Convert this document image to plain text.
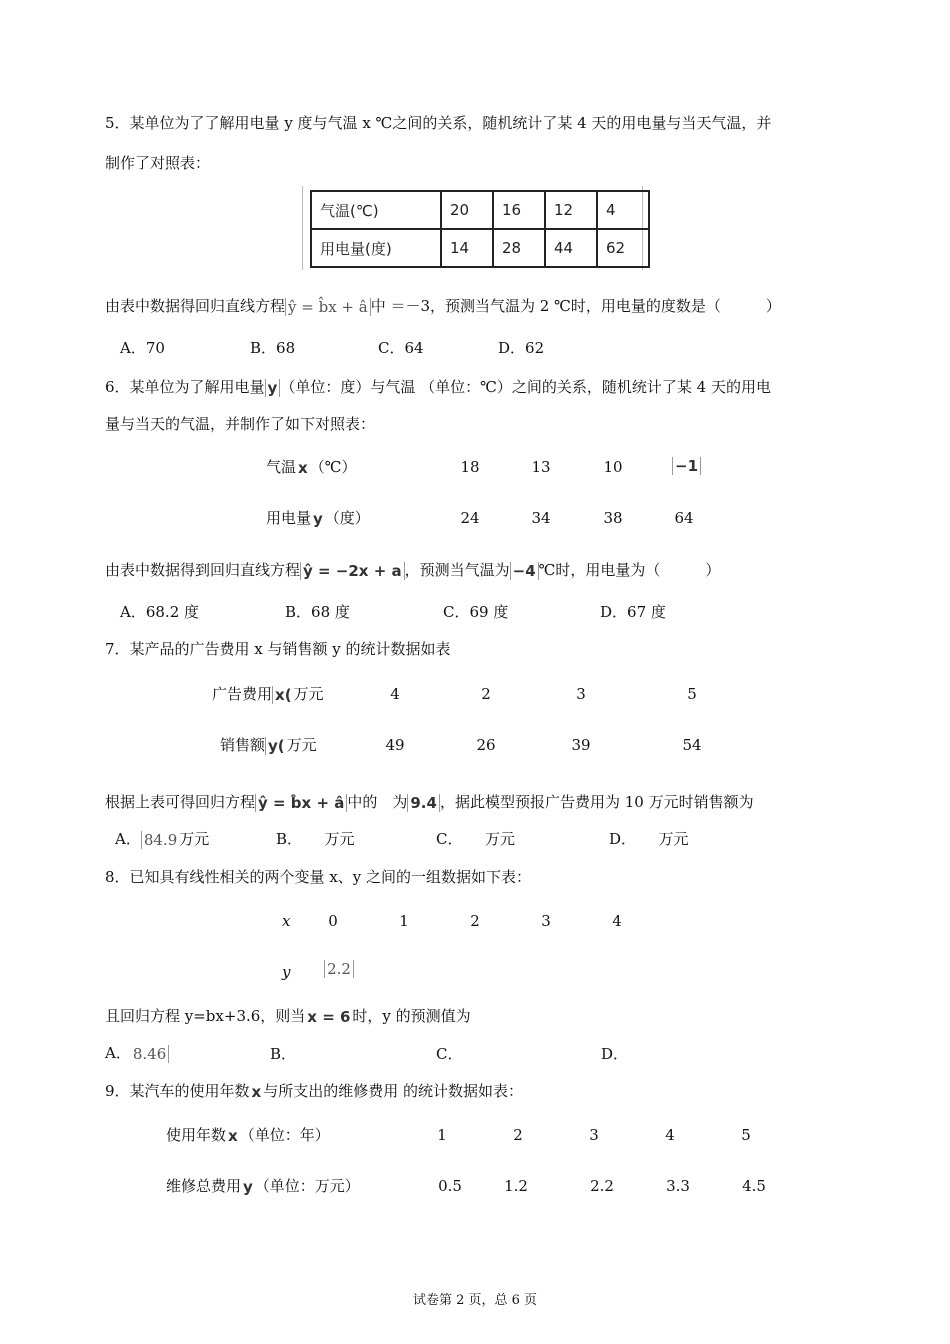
5．某单位为了了解用电量 y 度与气温 x ℃之间的关系，随机统计了某 4 天的用电量与当天气温，并
制作了对照表：
气温(℃)	20	16	12	4
用电量(度)	14	28	44	62
由表中数据得回归直线方程 ŷ = b̂x + â 中 ＝－3，预测当气温为 2 ℃时，用电量的度数是（　　　）
A．70	B．68	C．64	D．62
6．某单位为了解用电量 y （单位：度）与气温 （单位：℃）之间的关系，随机统计了某 4 天的用电
量与当天的气温，并制作了如下对照表：
气温 x （℃）	18	13	10	−1
用电量 y （度）	24	34	38	64
由表中数据得到回归直线方程 ŷ = −2x + a ，预测当气温为 −4 ℃时，用电量为（　　　）
A．68.2 度	B．68 度	C．69 度	D．67 度
7．某产品的广告费用 x 与销售额 y 的统计数据如表
广告费用 x( 万元	4	2	3	5
销售额 y( 万元	49	26	39	54
根据上表可得回归方程 ŷ = b̂x + â 中的　为 9.4 ，据此模型预报广告费用为 10 万元时销售额为
A． 84.9 万元	B．　　万元	C．　　万元	D．　　万元
8．已知具有线性相关的两个变量 x、y 之间的一组数据如下表：
x	0	1	2	3	4
y	2.2
且回归方程 y=bx+3.6，则当 x = 6 时，y 的预测值为
A． 8.46	B．	C．	D．
9．某汽车的使用年数 x 与所支出的维修费用 的统计数据如表：
使用年数 x （单位：年）	1	2	3	4	5
维修总费用 y （单位：万元）	0.5	1.2	2.2	3.3	4.5
试卷第 2 页，总 6 页
